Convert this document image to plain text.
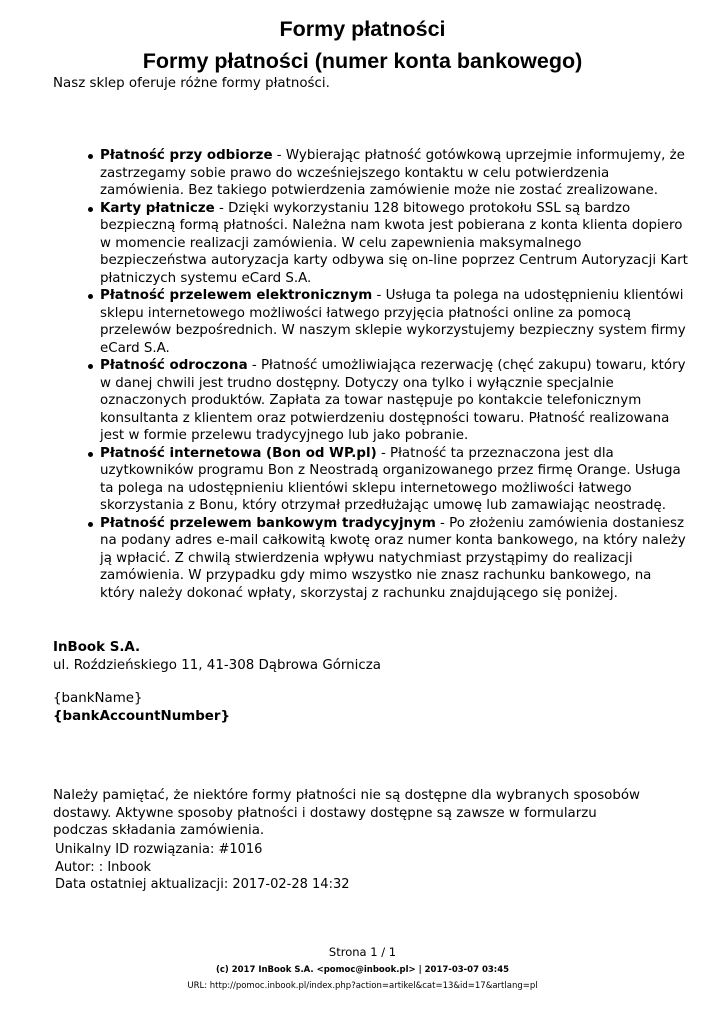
Formy płatności
Formy płatności (numer konta bankowego)
Nasz sklep oferuje różne formy płatności.
Płatność przy odbiorze - Wybierając płatność gotówkową uprzejmie informujemy, że zastrzegamy sobie prawo do wcześniejszego kontaktu w celu potwierdzenia zamówienia. Bez takiego potwierdzenia zamówienie może nie zostać zrealizowane.
Karty płatnicze - Dzięki wykorzystaniu 128 bitowego protokołu SSL są bardzo bezpieczną formą płatności. Należna nam kwota jest pobierana z konta klienta dopiero w momencie realizacji zamówienia. W celu zapewnienia maksymalnego bezpieczeństwa autoryzacja karty odbywa się on-line poprzez Centrum Autoryzacji Kart płatniczych systemu eCard S.A.
Płatność przelewem elektronicznym - Usługa ta polega na udostępnieniu klientówi sklepu internetowego możliwości łatwego przyjęcia płatności online za pomocą przelewów bezpośrednich. W naszym sklepie wykorzystujemy bezpieczny system firmy eCard S.A.
Płatność odroczona - Płatność umożliwiająca rezerwację (chęć zakupu) towaru, który w danej chwili jest trudno dostępny. Dotyczy ona tylko i wyłącznie specjalnie oznaczonych produktów. Zapłata za towar następuje po kontakcie telefonicznym konsultanta z klientem oraz potwierdzeniu dostępności towaru. Płatność realizowana jest w formie przelewu tradycyjnego lub jako pobranie.
Płatność internetowa (Bon od WP.pl) - Płatność ta przeznaczona jest dla uzytkowników programu Bon z Neostradą organizowanego przez firmę Orange. Usługa ta polega na udostępnieniu klientówi sklepu internetowego możliwości łatwego skorzystania z Bonu, który otrzymał przedłużając umowę lub zamawiając neostradę.
Płatność przelewem bankowym tradycyjnym - Po złożeniu zamówienia dostaniesz na podany adres e-mail całkowitą kwotę oraz numer konta bankowego, na który należy ją wpłacić. Z chwilą stwierdzenia wpływu natychmiast przystąpimy do realizacji zamówienia. W przypadku gdy mimo wszystko nie znasz rachunku bankowego, na który należy dokonać wpłaty, skorzystaj z rachunku znajdującego się poniżej.
InBook S.A.
ul. Roździeńskiego 11, 41-308 Dąbrowa Górnicza
{bankName}
{bankAccountNumber}
Należy pamiętać, że niektóre formy płatności nie są dostępne dla wybranych sposobów dostawy. Aktywne sposoby płatności i dostawy dostępne są zawsze w formularzu podczas składania zamówienia.
Unikalny ID rozwiązania: #1016
Autor: : Inbook
Data ostatniej aktualizacji: 2017-02-28 14:32
Strona 1 / 1
(c) 2017 InBook S.A. <pomoc@inbook.pl> | 2017-03-07 03:45
URL: http://pomoc.inbook.pl/index.php?action=artikel&cat=13&id=17&artlang=pl
